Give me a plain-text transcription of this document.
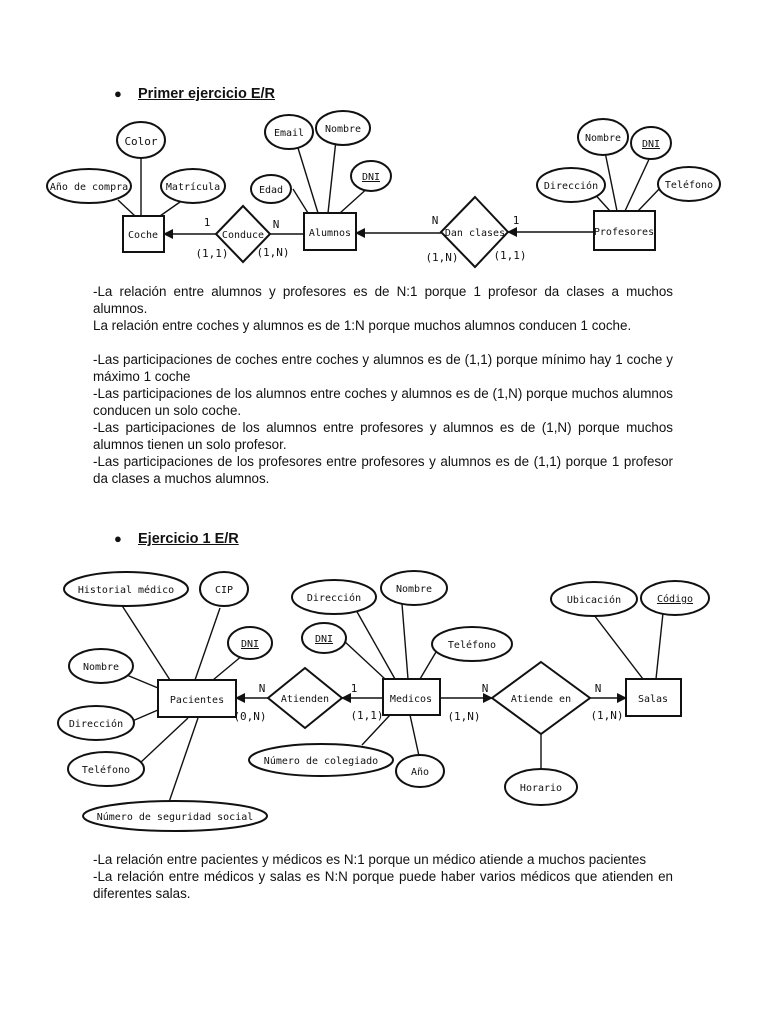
● Primer ejercicio E/R
Color
Año de compra	Matrícula
Email Nombre
Edad
DNI
Nombre
DNI
Dirección	Teléfono
Coche	Alumnos	Profesores
Conduce	Dan clases
1	N
(1,1)	(1,N)
N	1
(1,N)	(1,1)

-La relación entre alumnos y profesores es de N:1 porque 1 profesor da clases a muchos alumnos.

La relación entre coches y alumnos es de 1:N porque muchos alumnos conducen 1 coche.

-Las participaciones de coches entre coches y alumnos es de (1,1) porque mínimo hay 1 coche y máximo 1 coche

-Las participaciones de los alumnos entre coches y alumnos es de (1,N) porque muchos alumnos conducen un solo coche.

-Las participaciones de los alumnos entre profesores y alumnos es de (1,N) porque muchos alumnos tienen un solo profesor.

-Las participaciones de los profesores entre profesores y alumnos es de (1,1) porque 1 profesor da clases a muchos alumnos.

● Ejercicio 1 E/R
Historial médico	CIP
DNI
Nombre
Dirección
Teléfono
Número de seguridad social
Dirección
Nombre
DNI
Teléfono
Número de colegiado
Año
Ubicación	Código
Horario
Pacientes	Medicos	Salas
Atienden	Atiende en
N	1
(0,N)	(1,1)
N	N
(1,N)	(1,N)

-La relación entre pacientes y médicos es N:1 porque un médico atiende a muchos pacientes

-La relación entre médicos y salas es N:N porque puede haber varios médicos que atienden en diferentes salas.
